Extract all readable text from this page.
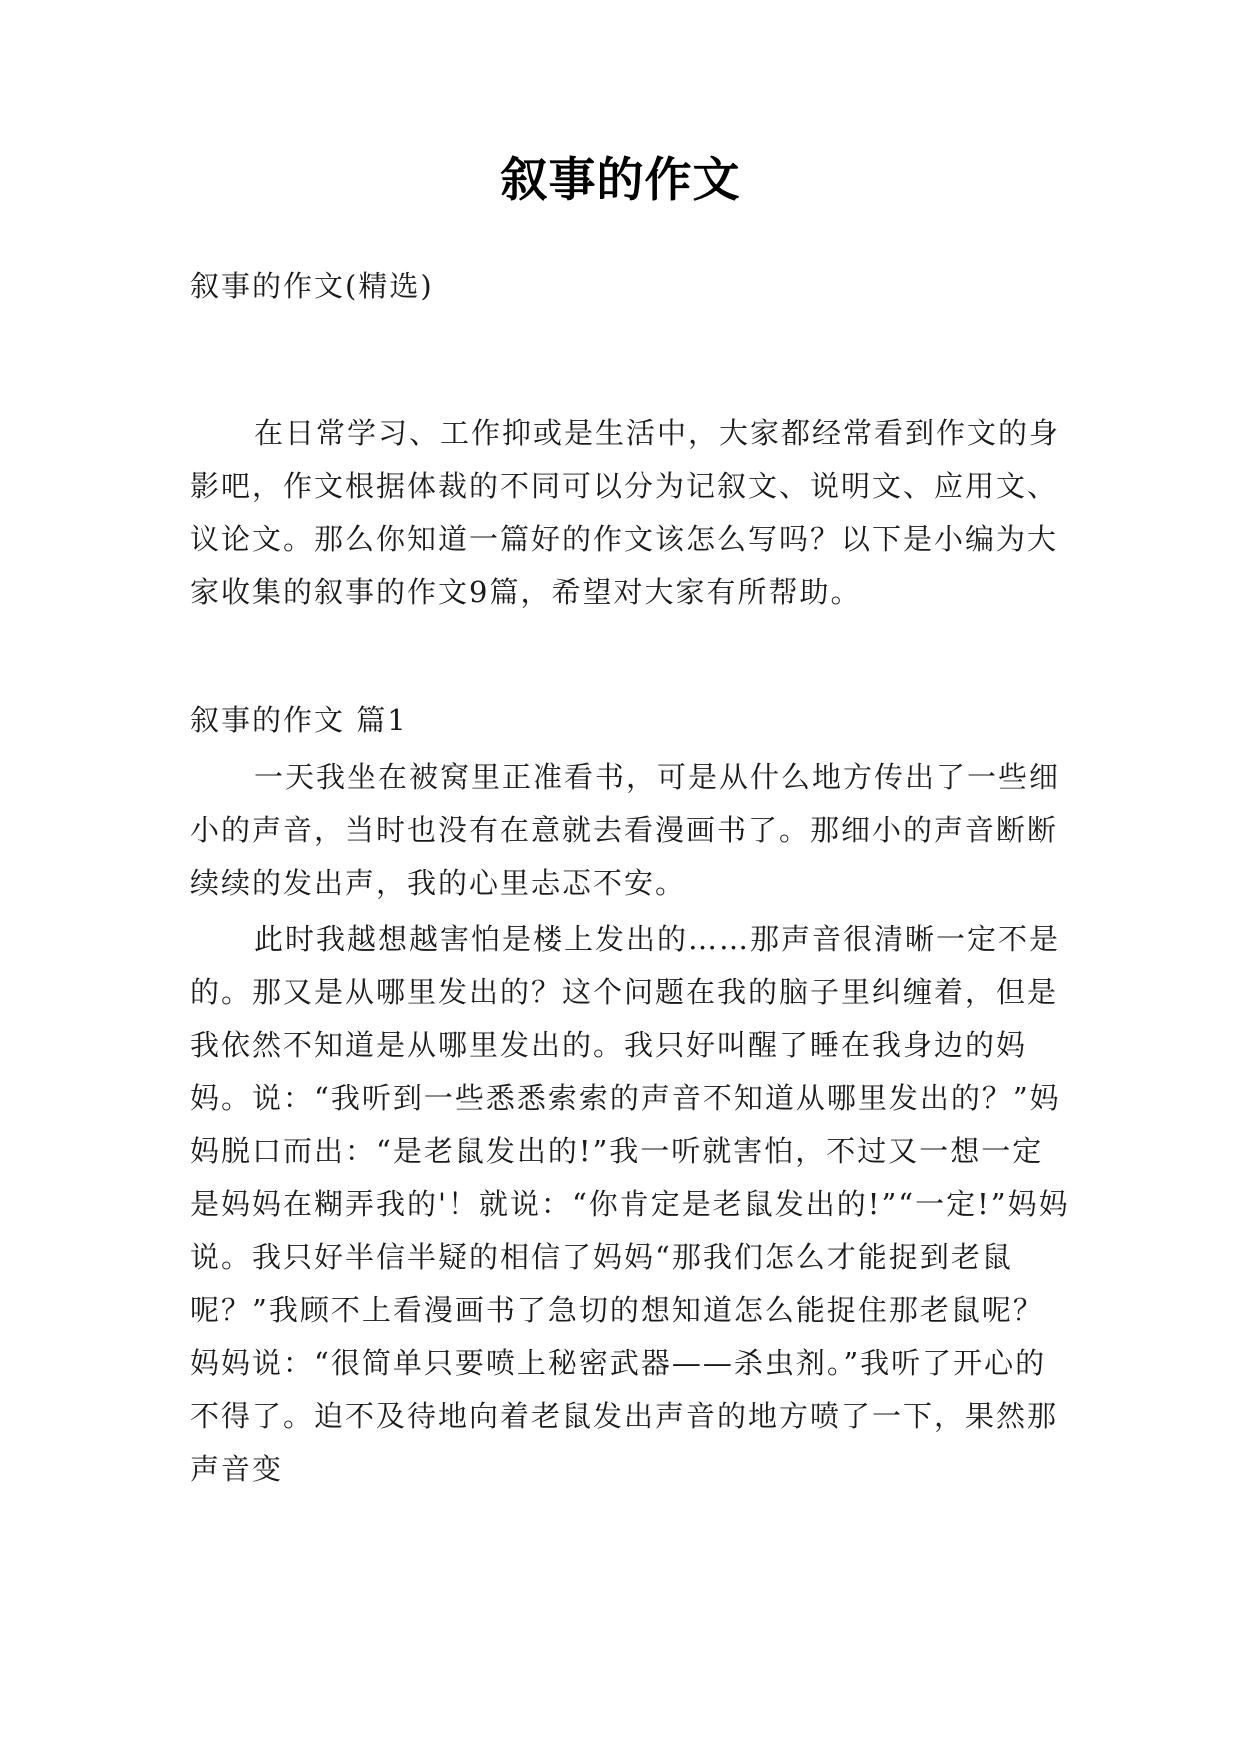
叙事的作文

叙事的作文(精选)

在日常学习、工作抑或是生活中，大家都经常看到作文的身影吧，作文根据体裁的不同可以分为记叙文、说明文、应用文、议论文。那么你知道一篇好的作文该怎么写吗？以下是小编为大家收集的叙事的作文9篇，希望对大家有所帮助。

叙事的作文 篇1

一天我坐在被窝里正准看书，可是从什么地方传出了一些细小的声音，当时也没有在意就去看漫画书了。那细小的声音断断续续的发出声，我的心里忐忑不安。

此时我越想越害怕是楼上发出的……那声音很清晰一定不是的。那又是从哪里发出的？这个问题在我的脑子里纠缠着，但是我依然不知道是从哪里发出的。我只好叫醒了睡在我身边的妈妈。说：“我听到一些悉悉索索的声音不知道从哪里发出的？”妈妈脱口而出：“是老鼠发出的!”我一听就害怕，不过又一想一定是妈妈在糊弄我的'！就说：“你肯定是老鼠发出的!”“一定!”妈妈说。我只好半信半疑的相信了妈妈“那我们怎么才能捉到老鼠呢？”我顾不上看漫画书了急切的想知道怎么能捉住那老鼠呢？妈妈说：“很简单只要喷上秘密武器——杀虫剂。”我听了开心的不得了。迫不及待地向着老鼠发出声音的地方喷了一下，果然那声音变
